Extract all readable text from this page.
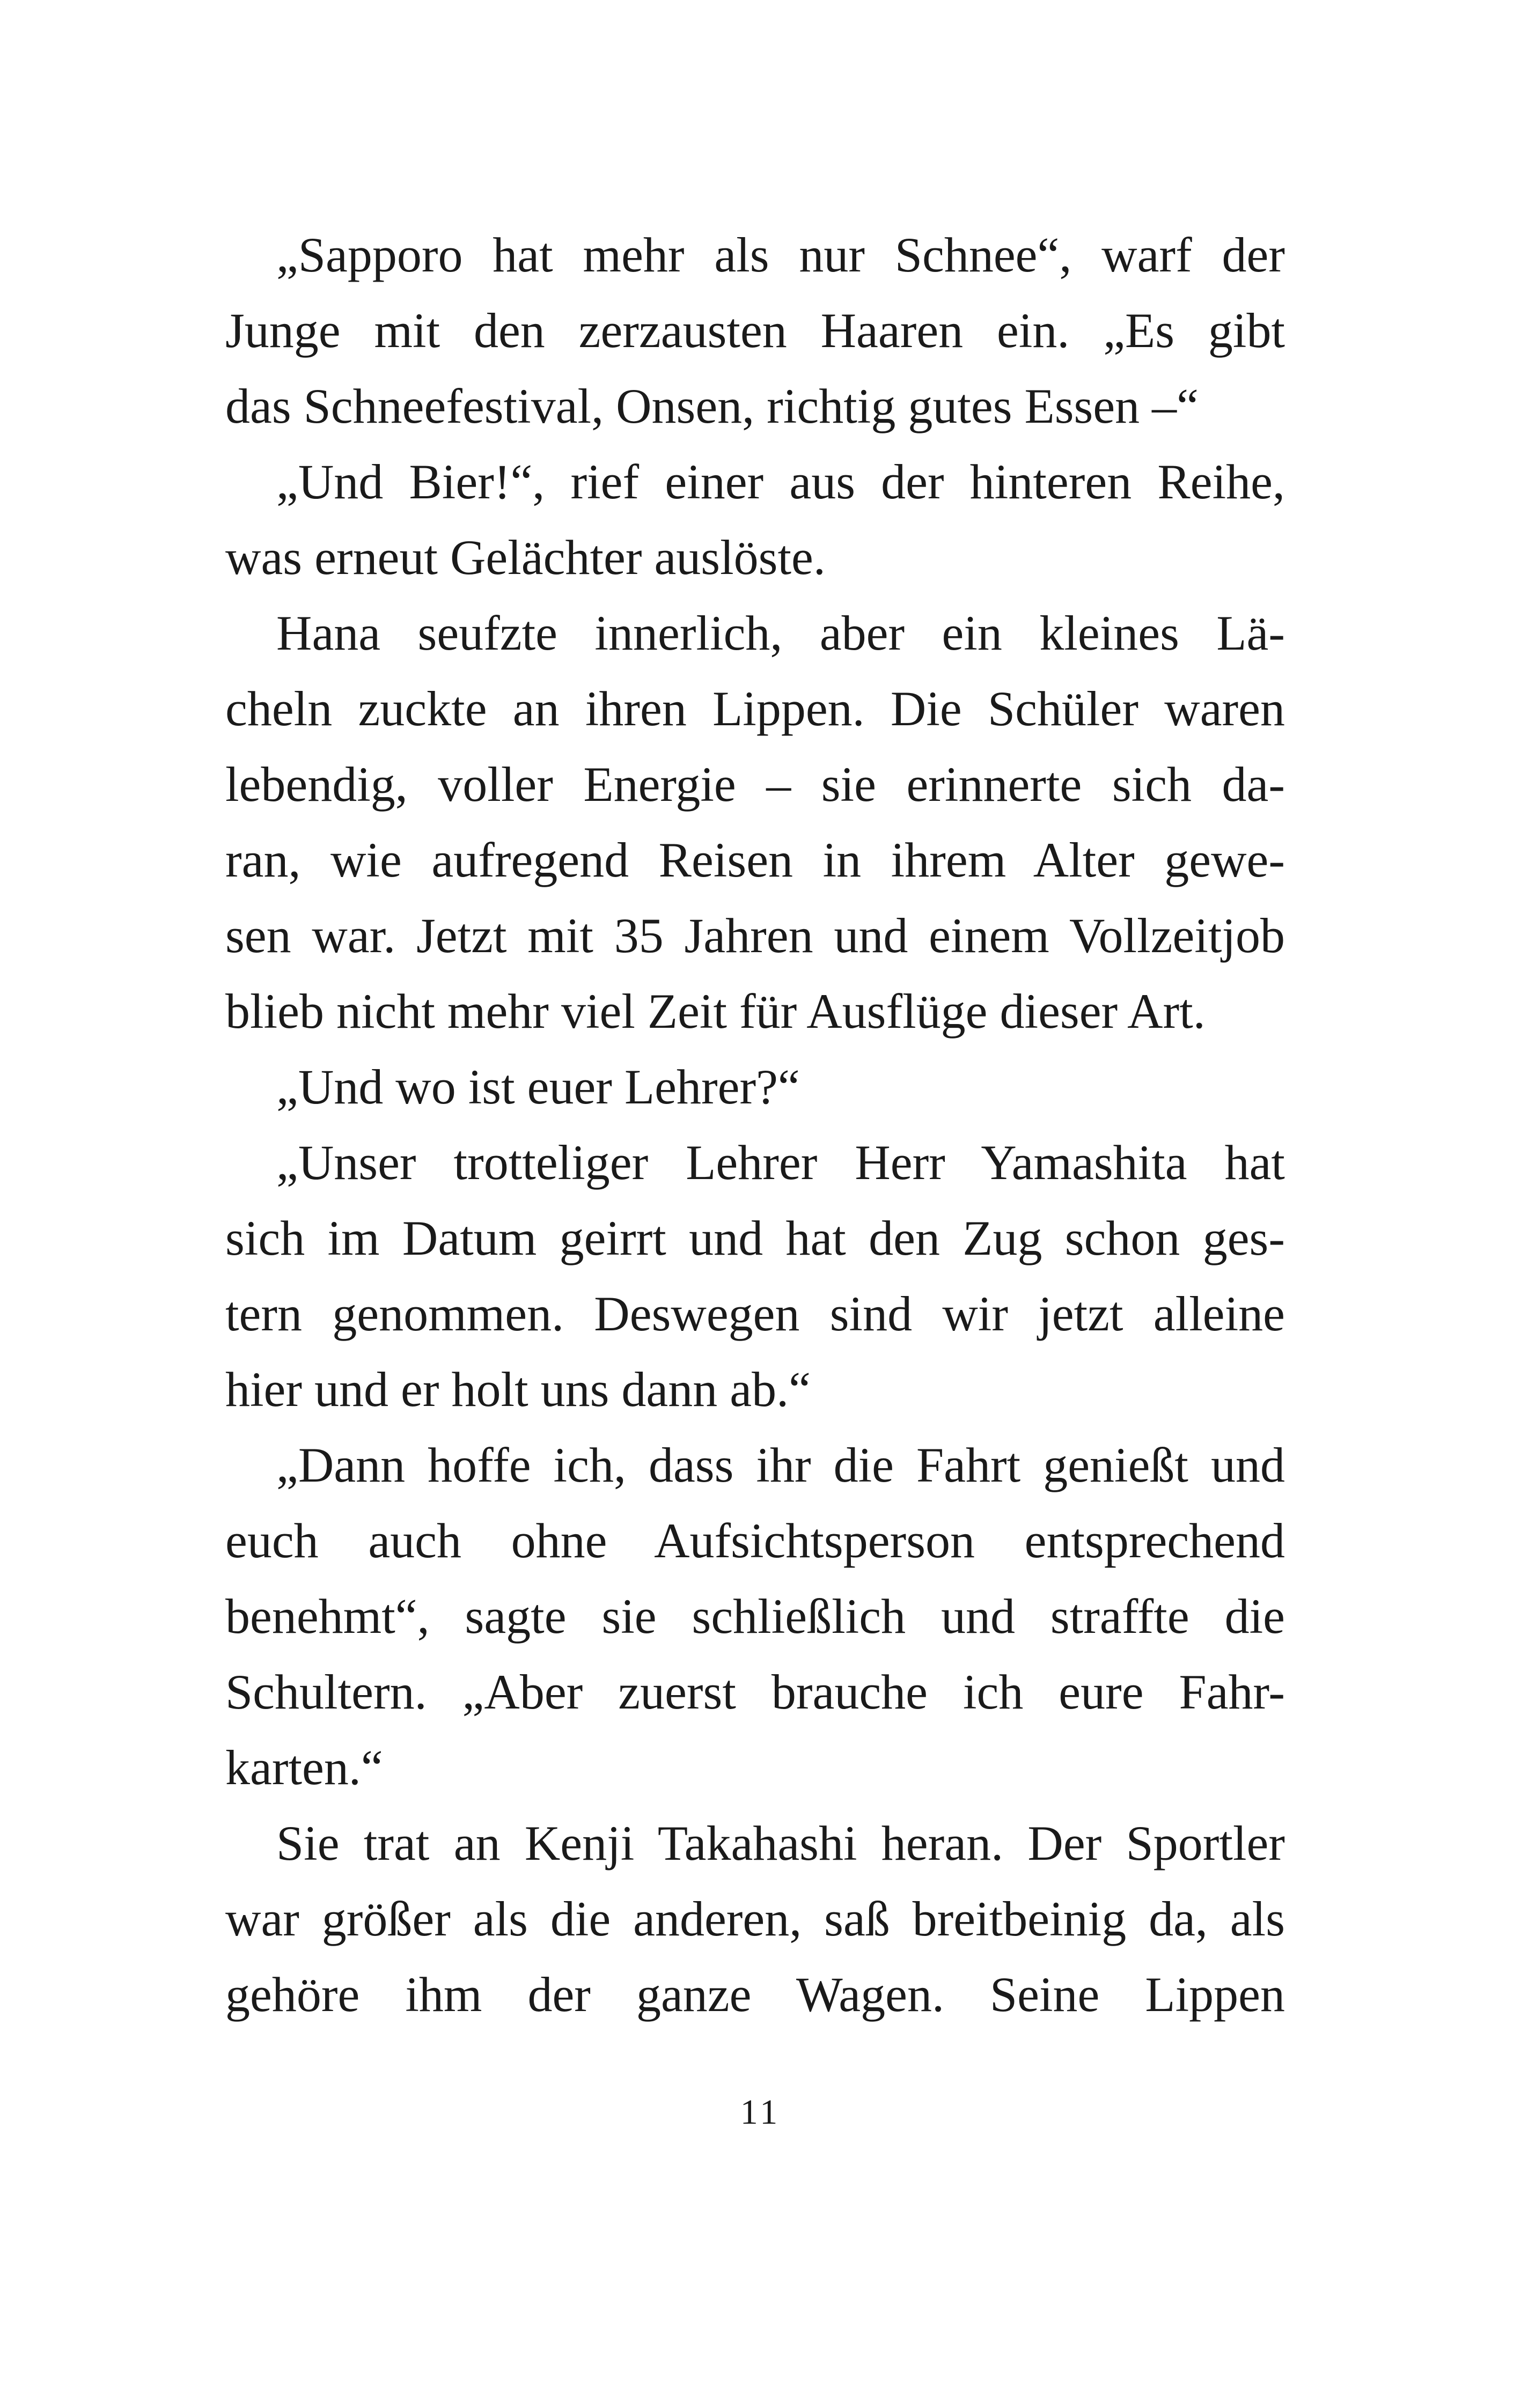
„Sapporo hat mehr als nur Schnee“, warf der
Junge mit den zerzausten Haaren ein. „Es gibt
das Schneefestival, Onsen, richtig gutes Essen –“
„Und Bier!“, rief einer aus der hinteren Reihe,
was erneut Gelächter auslöste.
Hana seufzte innerlich, aber ein kleines Lä-
cheln zuckte an ihren Lippen. Die Schüler waren
lebendig, voller Energie – sie erinnerte sich da-
ran, wie aufregend Reisen in ihrem Alter gewe-
sen war. Jetzt mit 35 Jahren und einem Vollzeitjob
blieb nicht mehr viel Zeit für Ausflüge dieser Art.
„Und wo ist euer Lehrer?“
„Unser trotteliger Lehrer Herr Yamashita hat
sich im Datum geirrt und hat den Zug schon ges-
tern genommen. Deswegen sind wir jetzt alleine
hier und er holt uns dann ab.“
„Dann hoffe ich, dass ihr die Fahrt genießt und
euch auch ohne Aufsichtsperson entsprechend
benehmt“, sagte sie schließlich und straffte die
Schultern. „Aber zuerst brauche ich eure Fahr-
karten.“
Sie trat an Kenji Takahashi heran. Der Sportler
war größer als die anderen, saß breitbeinig da, als
gehöre ihm der ganze Wagen. Seine Lippen
11
